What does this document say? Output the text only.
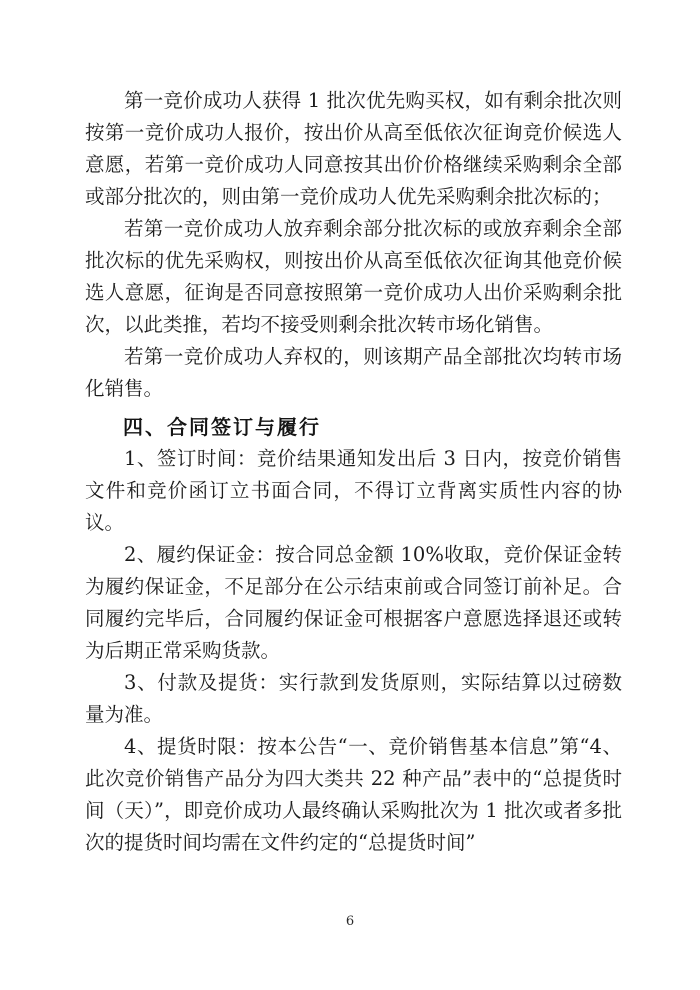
第一竞价成功人获得 1 批次优先购买权，如有剩余批次则按第一竞价成功人报价，按出价从高至低依次征询竞价候选人意愿，若第一竞价成功人同意按其出价价格继续采购剩余全部或部分批次的，则由第一竞价成功人优先采购剩余批次标的；

若第一竞价成功人放弃剩余部分批次标的或放弃剩余全部批次标的优先采购权，则按出价从高至低依次征询其他竞价候选人意愿，征询是否同意按照第一竞价成功人出价采购剩余批次，以此类推，若均不接受则剩余批次转市场化销售。

若第一竞价成功人弃权的，则该期产品全部批次均转市场化销售。

四、合同签订与履行

1、签订时间：竞价结果通知发出后 3 日内，按竞价销售文件和竞价函订立书面合同，不得订立背离实质性内容的协议。

2、履约保证金：按合同总金额 10%收取，竞价保证金转为履约保证金，不足部分在公示结束前或合同签订前补足。合同履约完毕后，合同履约保证金可根据客户意愿选择退还或转为后期正常采购货款。

3、付款及提货：实行款到发货原则，实际结算以过磅数量为准。

4、提货时限：按本公告“一、竞价销售基本信息”第“4、此次竞价销售产品分为四大类共 22 种产品”表中的“总提货时间（天）”，即竞价成功人最终确认采购批次为 1 批次或者多批次的提货时间均需在文件约定的“总提货时间”

6
